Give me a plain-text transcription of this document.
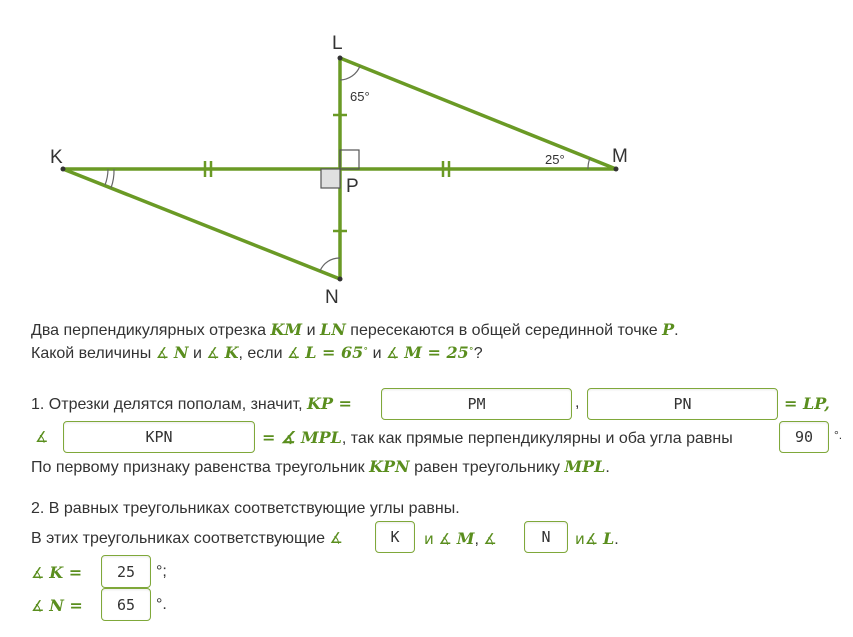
L
K	M
N
P
65°
25°
Два перпендикулярных отрезка KM и LN пересекаются в общей серединной точке P.
Какой величины ∡ N и ∡ K, если ∡ L = 65∘ и ∡ M = 25∘?
1. Отрезки делятся пополам, значит, KP =	PM	,	PN	= LP,
∡	KPN	= ∡ MPL, так как прямые перпендикулярны и оба угла равны	90	°.
По первому признаку равенства треугольник KPN равен треугольнику MPL.
2. В равных треугольниках соответствующие углы равны.
В этих треугольниках соответствующие ∡	K	и ∡ M, ∡	N	и∡ L.
∡ K =	25	°;
∡ N =	65	°.
